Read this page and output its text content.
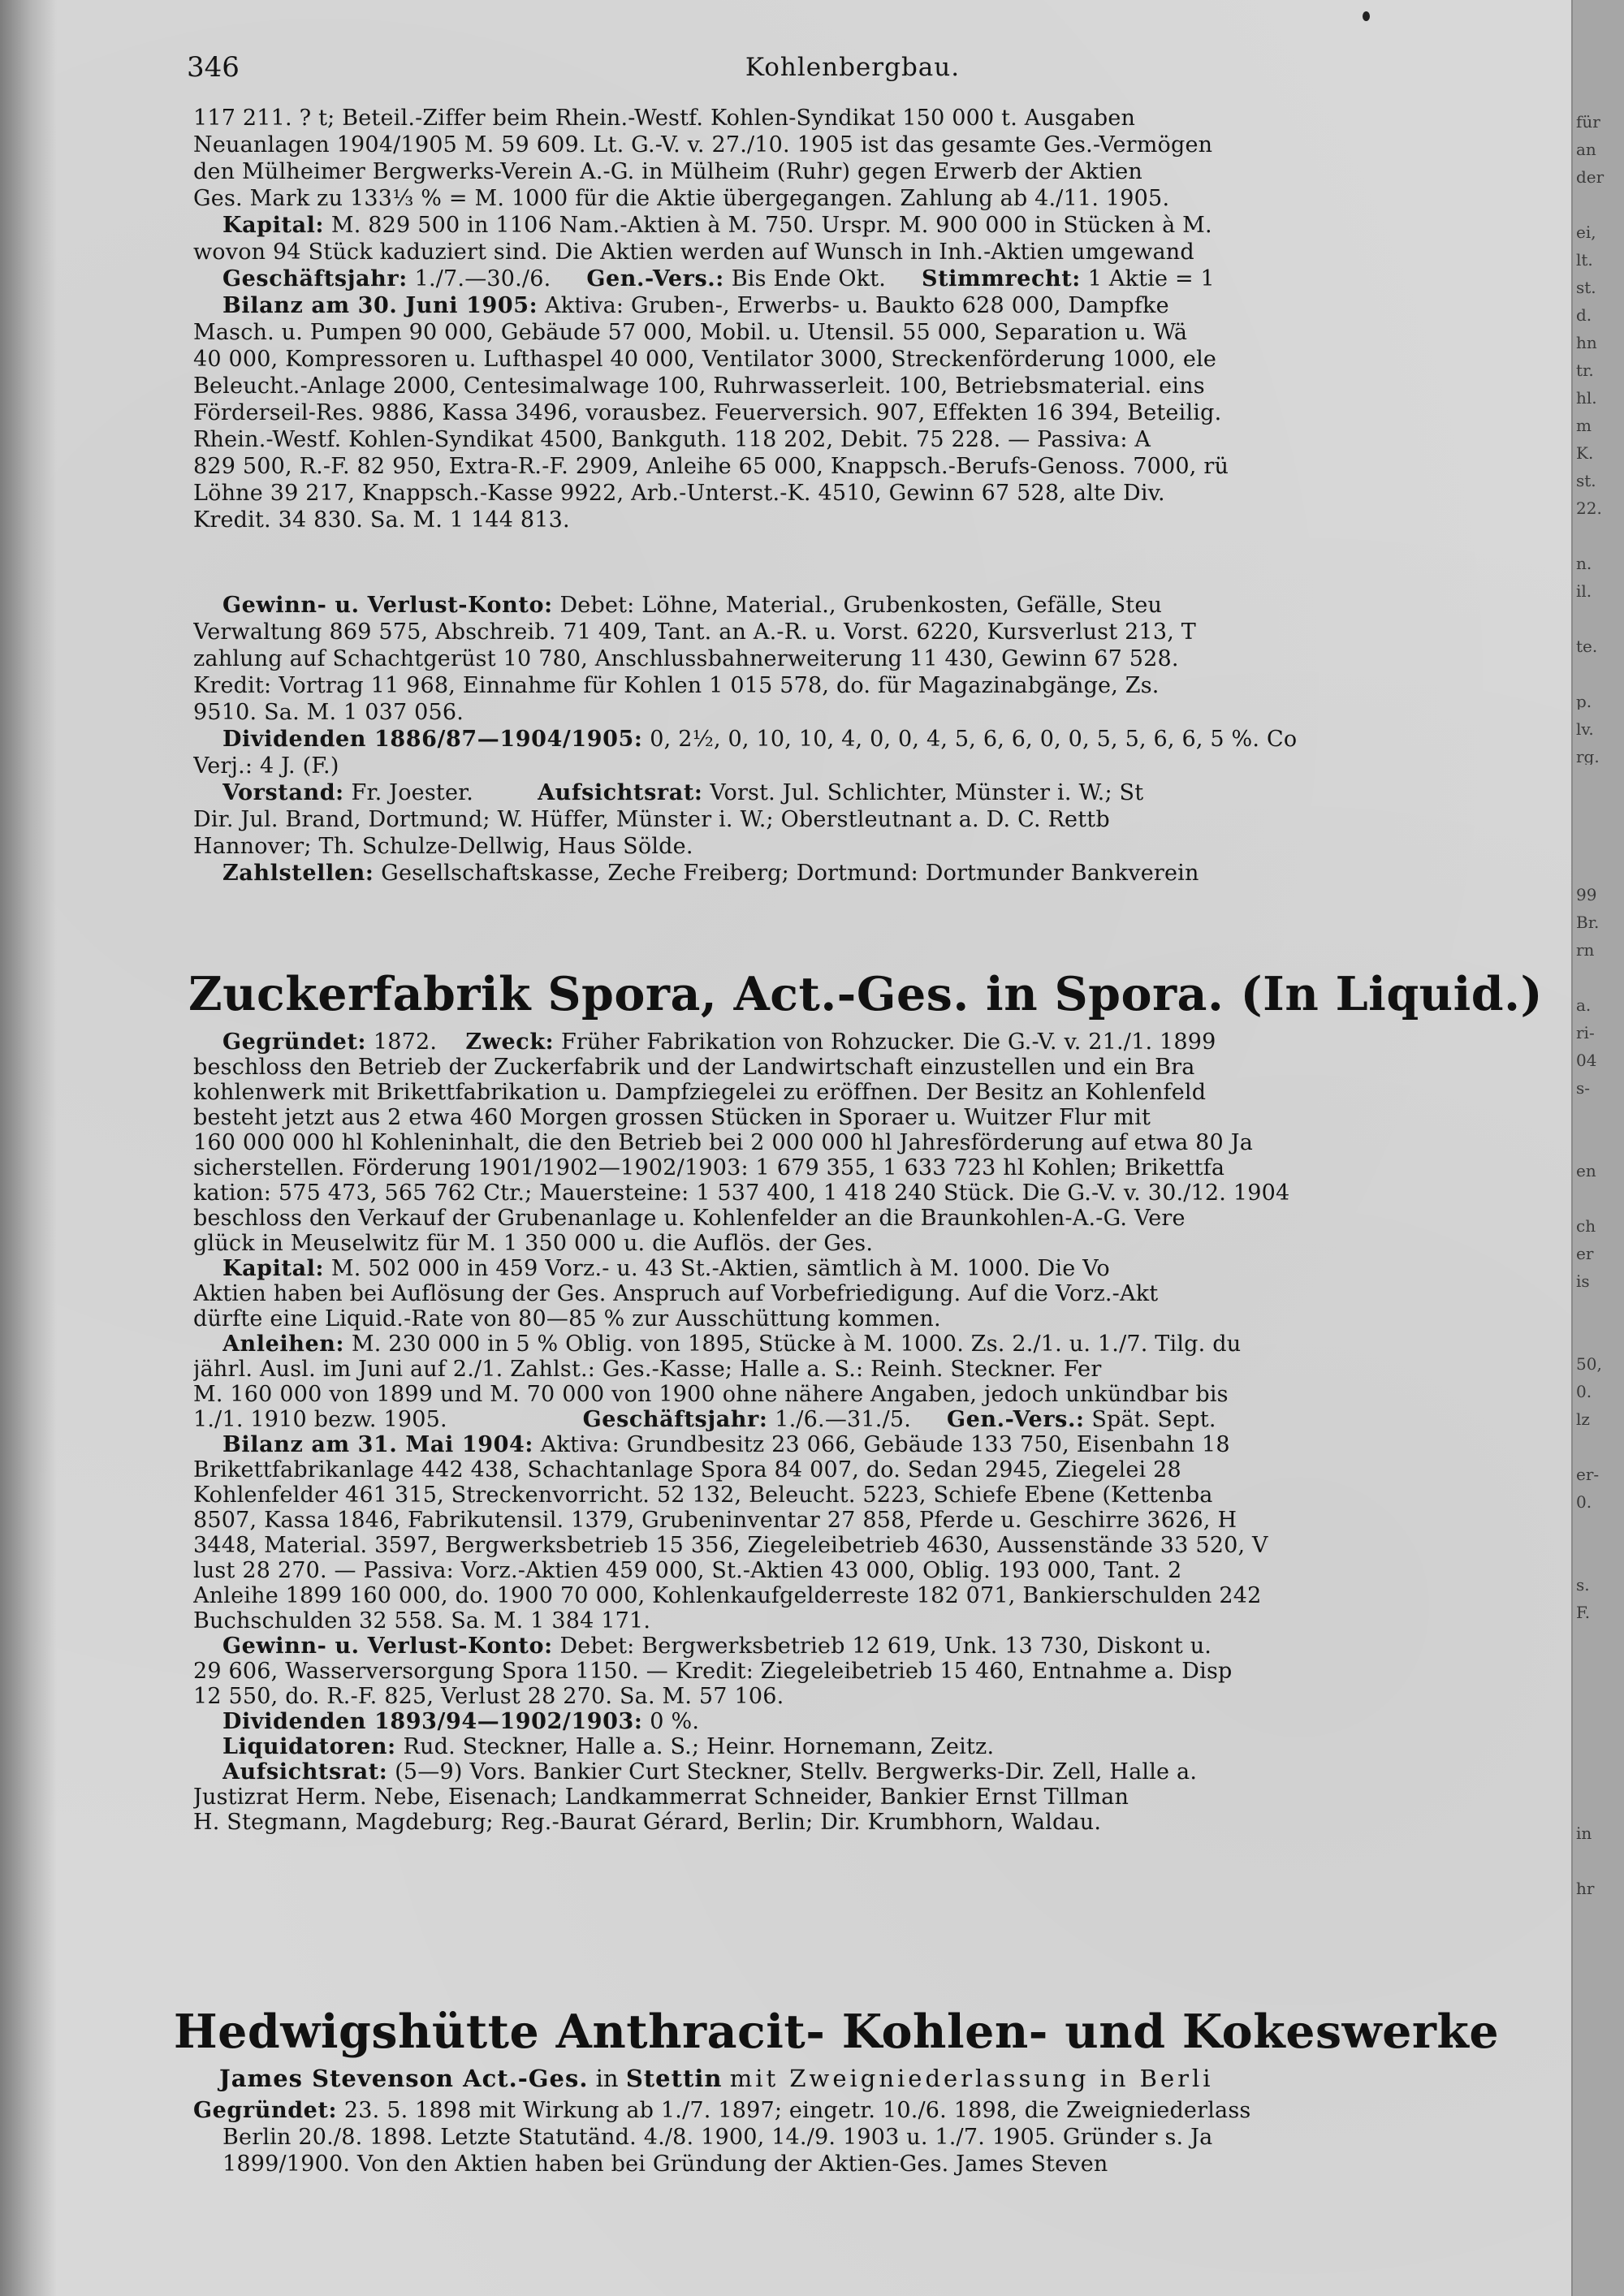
346	Kohlenbergbau.
117 211. ? t; Beteil.-Ziffer beim Rhein.-Westf. Kohlen-Syndikat 150 000 t. Ausgaben
Neuanlagen 1904/1905 M. 59 609. Lt. G.-V. v. 27./10. 1905 ist das gesamte Ges.-Vermögen
den Mülheimer Bergwerks-Verein A.-G. in Mülheim (Ruhr) gegen Erwerb der Aktien
Ges. Mark zu 133⅓ % = M. 1000 für die Aktie übergegangen. Zahlung ab 4./11. 1905.
Kapital: M. 829 500 in 1106 Nam.-Aktien à M. 750. Urspr. M. 900 000 in Stücken à M.
wovon 94 Stück kaduziert sind. Die Aktien werden auf Wunsch in Inh.-Aktien umgewand
Geschäftsjahr: 1./7.—30./6. Gen.-Vers.: Bis Ende Okt. Stimmrecht: 1 Aktie = 1
Bilanz am 30. Juni 1905: Aktiva: Gruben-, Erwerbs- u. Baukto 628 000, Dampfke
Masch. u. Pumpen 90 000, Gebäude 57 000, Mobil. u. Utensil. 55 000, Separation u. Wä
40 000, Kompressoren u. Lufthaspel 40 000, Ventilator 3000, Streckenförderung 1000, ele
Beleucht.-Anlage 2000, Centesimalwage 100, Ruhrwasserleit. 100, Betriebsmaterial. eins
Förderseil-Res. 9886, Kassa 3496, vorausbez. Feuerversich. 907, Effekten 16 394, Beteilig.
Rhein.-Westf. Kohlen-Syndikat 4500, Bankguth. 118 202, Debit. 75 228. — Passiva: A
829 500, R.-F. 82 950, Extra-R.-F. 2909, Anleihe 65 000, Knappsch.-Berufs-Genoss. 7000, rü
Löhne 39 217, Knappsch.-Kasse 9922, Arb.-Unterst.-K. 4510, Gewinn 67 528, alte Div.
Kredit. 34 830. Sa. M. 1 144 813.
Gewinn- u. Verlust-Konto: Debet: Löhne, Material., Grubenkosten, Gefälle, Steu
Verwaltung 869 575, Abschreib. 71 409, Tant. an A.-R. u. Vorst. 6220, Kursverlust 213, T
zahlung auf Schachtgerüst 10 780, Anschlussbahnerweiterung 11 430, Gewinn 67 528.
Kredit: Vortrag 11 968, Einnahme für Kohlen 1 015 578, do. für Magazinabgänge, Zs.
9510. Sa. M. 1 037 056.
Dividenden 1886/87—1904/1905: 0, 2½, 0, 10, 10, 4, 0, 0, 4, 5, 6, 6, 0, 0, 5, 5, 6, 6, 5 %. Co
Verj.: 4 J. (F.)
Vorstand: Fr. Joester.	Aufsichtsrat: Vorst. Jul. Schlichter, Münster i. W.; St
Dir. Jul. Brand, Dortmund; W. Hüffer, Münster i. W.; Oberstleutnant a. D. C. Rettb
Hannover; Th. Schulze-Dellwig, Haus Sölde.
Zahlstellen: Gesellschaftskasse, Zeche Freiberg; Dortmund: Dortmunder Bankverein
Zuckerfabrik Spora, Act.-Ges. in Spora. (In Liquid.)
Gegründet: 1872. Zweck: Früher Fabrikation von Rohzucker. Die G.-V. v. 21./1. 1899
beschloss den Betrieb der Zuckerfabrik und der Landwirtschaft einzustellen und ein Bra
kohlenwerk mit Brikettfabrikation u. Dampfziegelei zu eröffnen. Der Besitz an Kohlenfeld
besteht jetzt aus 2 etwa 460 Morgen grossen Stücken in Sporaer u. Wuitzer Flur mit
160 000 000 hl Kohleninhalt, die den Betrieb bei 2 000 000 hl Jahresförderung auf etwa 80 Ja
sicherstellen. Förderung 1901/1902—1902/1903: 1 679 355, 1 633 723 hl Kohlen; Brikettfa
kation: 575 473, 565 762 Ctr.; Mauersteine: 1 537 400, 1 418 240 Stück. Die G.-V. v. 30./12. 1904
beschloss den Verkauf der Grubenanlage u. Kohlenfelder an die Braunkohlen-A.-G. Vere
glück in Meuselwitz für M. 1 350 000 u. die Auflös. der Ges.
Kapital: M. 502 000 in 459 Vorz.- u. 43 St.-Aktien, sämtlich à M. 1000. Die Vo
Aktien haben bei Auflösung der Ges. Anspruch auf Vorbefriedigung. Auf die Vorz.-Akt
dürfte eine Liquid.-Rate von 80—85 % zur Ausschüttung kommen.
Anleihen: M. 230 000 in 5 % Oblig. von 1895, Stücke à M. 1000. Zs. 2./1. u. 1./7. Tilg. du
jährl. Ausl. im Juni auf 2./1. Zahlst.: Ges.-Kasse; Halle a. S.: Reinh. Steckner. Fer
M. 160 000 von 1899 und M. 70 000 von 1900 ohne nähere Angaben, jedoch unkündbar bis
1./1. 1910 bezw. 1905.	Geschäftsjahr: 1./6.—31./5. Gen.-Vers.: Spät. Sept.
Bilanz am 31. Mai 1904: Aktiva: Grundbesitz 23 066, Gebäude 133 750, Eisenbahn 18
Brikettfabrikanlage 442 438, Schachtanlage Spora 84 007, do. Sedan 2945, Ziegelei 28
Kohlenfelder 461 315, Streckenvorricht. 52 132, Beleucht. 5223, Schiefe Ebene (Kettenba
8507, Kassa 1846, Fabrikutensil. 1379, Grubeninventar 27 858, Pferde u. Geschirre 3626, H
3448, Material. 3597, Bergwerksbetrieb 15 356, Ziegeleibetrieb 4630, Aussenstände 33 520, V
lust 28 270. — Passiva: Vorz.-Aktien 459 000, St.-Aktien 43 000, Oblig. 193 000, Tant. 2
Anleihe 1899 160 000, do. 1900 70 000, Kohlenkaufgelderreste 182 071, Bankierschulden 242
Buchschulden 32 558. Sa. M. 1 384 171.
Gewinn- u. Verlust-Konto: Debet: Bergwerksbetrieb 12 619, Unk. 13 730, Diskont u.
29 606, Wasserversorgung Spora 1150. — Kredit: Ziegeleibetrieb 15 460, Entnahme a. Disp
12 550, do. R.-F. 825, Verlust 28 270. Sa. M. 57 106.
Dividenden 1893/94—1902/1903: 0 %.
Liquidatoren: Rud. Steckner, Halle a. S.; Heinr. Hornemann, Zeitz.
Aufsichtsrat: (5—9) Vors. Bankier Curt Steckner, Stellv. Bergwerks-Dir. Zell, Halle a.
Justizrat Herm. Nebe, Eisenach; Landkammerrat Schneider, Bankier Ernst Tillman
H. Stegmann, Magdeburg; Reg.-Baurat Gérard, Berlin; Dir. Krumbhorn, Waldau.
Hedwigshütte Anthracit- Kohlen- und Kokeswerke
James Stevenson Act.-Ges. in Stettin mit Zweigniederlassung in Berli
Gegründet: 23. 5. 1898 mit Wirkung ab 1./7. 1897; eingetr. 10./6. 1898, die Zweigniederlass
Berlin 20./8. 1898. Letzte Statutänd. 4./8. 1900, 14./9. 1903 u. 1./7. 1905. Gründer s. Ja
1899/1900. Von den Aktien haben bei Gründung der Aktien-Ges. James Steven
für
an
der
ei,
lt.
st.
d.
hn
tr.
hl.
m
K.
st.
22.
n.
il.
te.
p.
lv.
rg.
99
Br.
rn
a.
ri-
04
s-
en
ch
er
is
50,
0.
lz
er-
0.
s.
F.
in
hr
